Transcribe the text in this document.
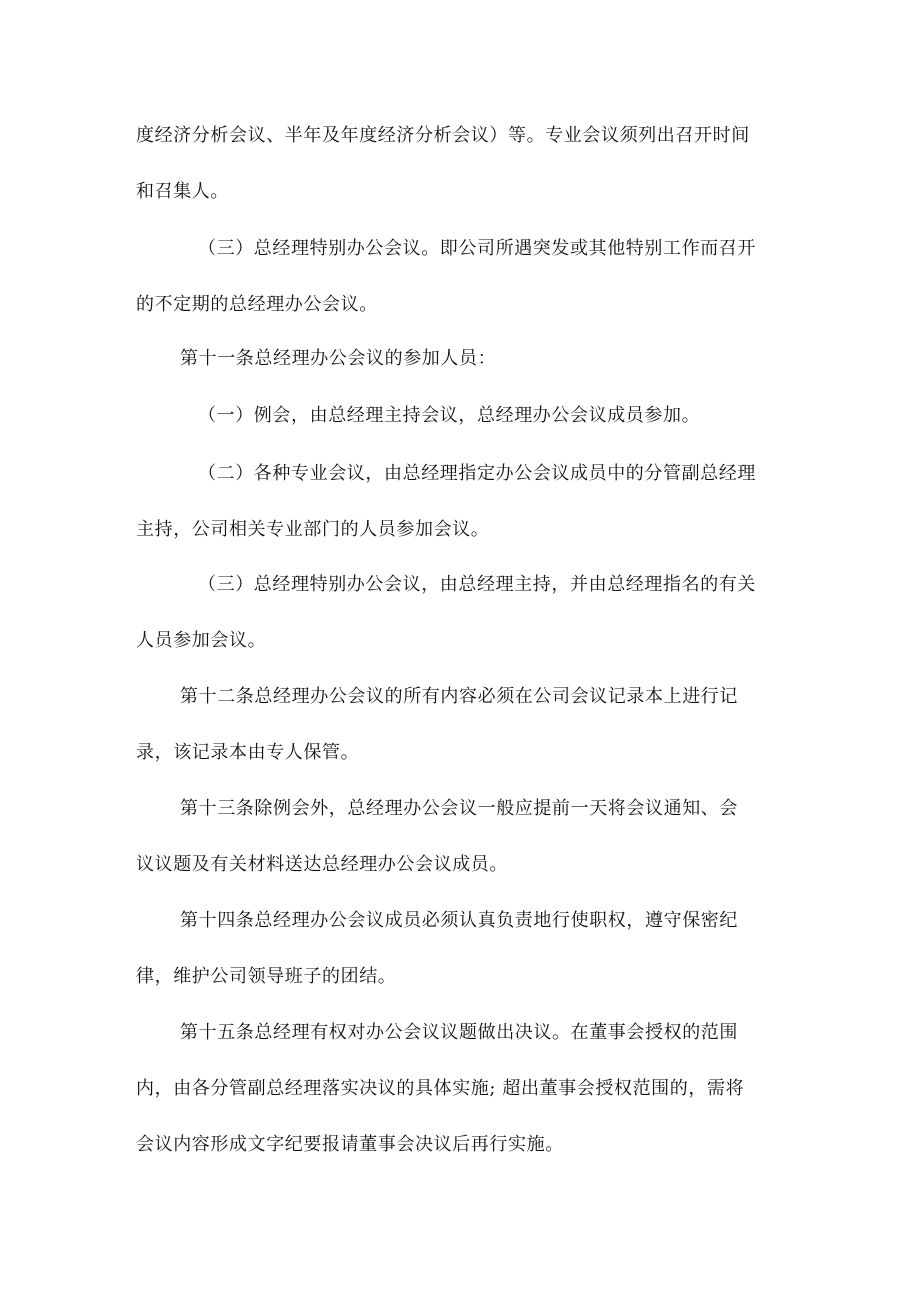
度经济分析会议、半年及年度经济分析会议）等。专业会议须列出召开时间
和召集人。
（三）总经理特别办公会议。即公司所遇突发或其他特别工作而召开
的不定期的总经理办公会议。
第十一条总经理办公会议的参加人员：
（一）例会，由总经理主持会议，总经理办公会议成员参加。
（二）各种专业会议，由总经理指定办公会议成员中的分管副总经理
主持，公司相关专业部门的人员参加会议。
（三）总经理特别办公会议，由总经理主持，并由总经理指名的有关
人员参加会议。
第十二条总经理办公会议的所有内容必须在公司会议记录本上进行记
录，该记录本由专人保管。
第十三条除例会外，总经理办公会议一般应提前一天将会议通知、会
议议题及有关材料送达总经理办公会议成员。
第十四条总经理办公会议成员必须认真负责地行使职权，遵守保密纪
律，维护公司领导班子的团结。
第十五条总经理有权对办公会议议题做出决议。在董事会授权的范围
内，由各分管副总经理落实决议的具体实施; 超出董事会授权范围的，需将
会议内容形成文字纪要报请董事会决议后再行实施。
